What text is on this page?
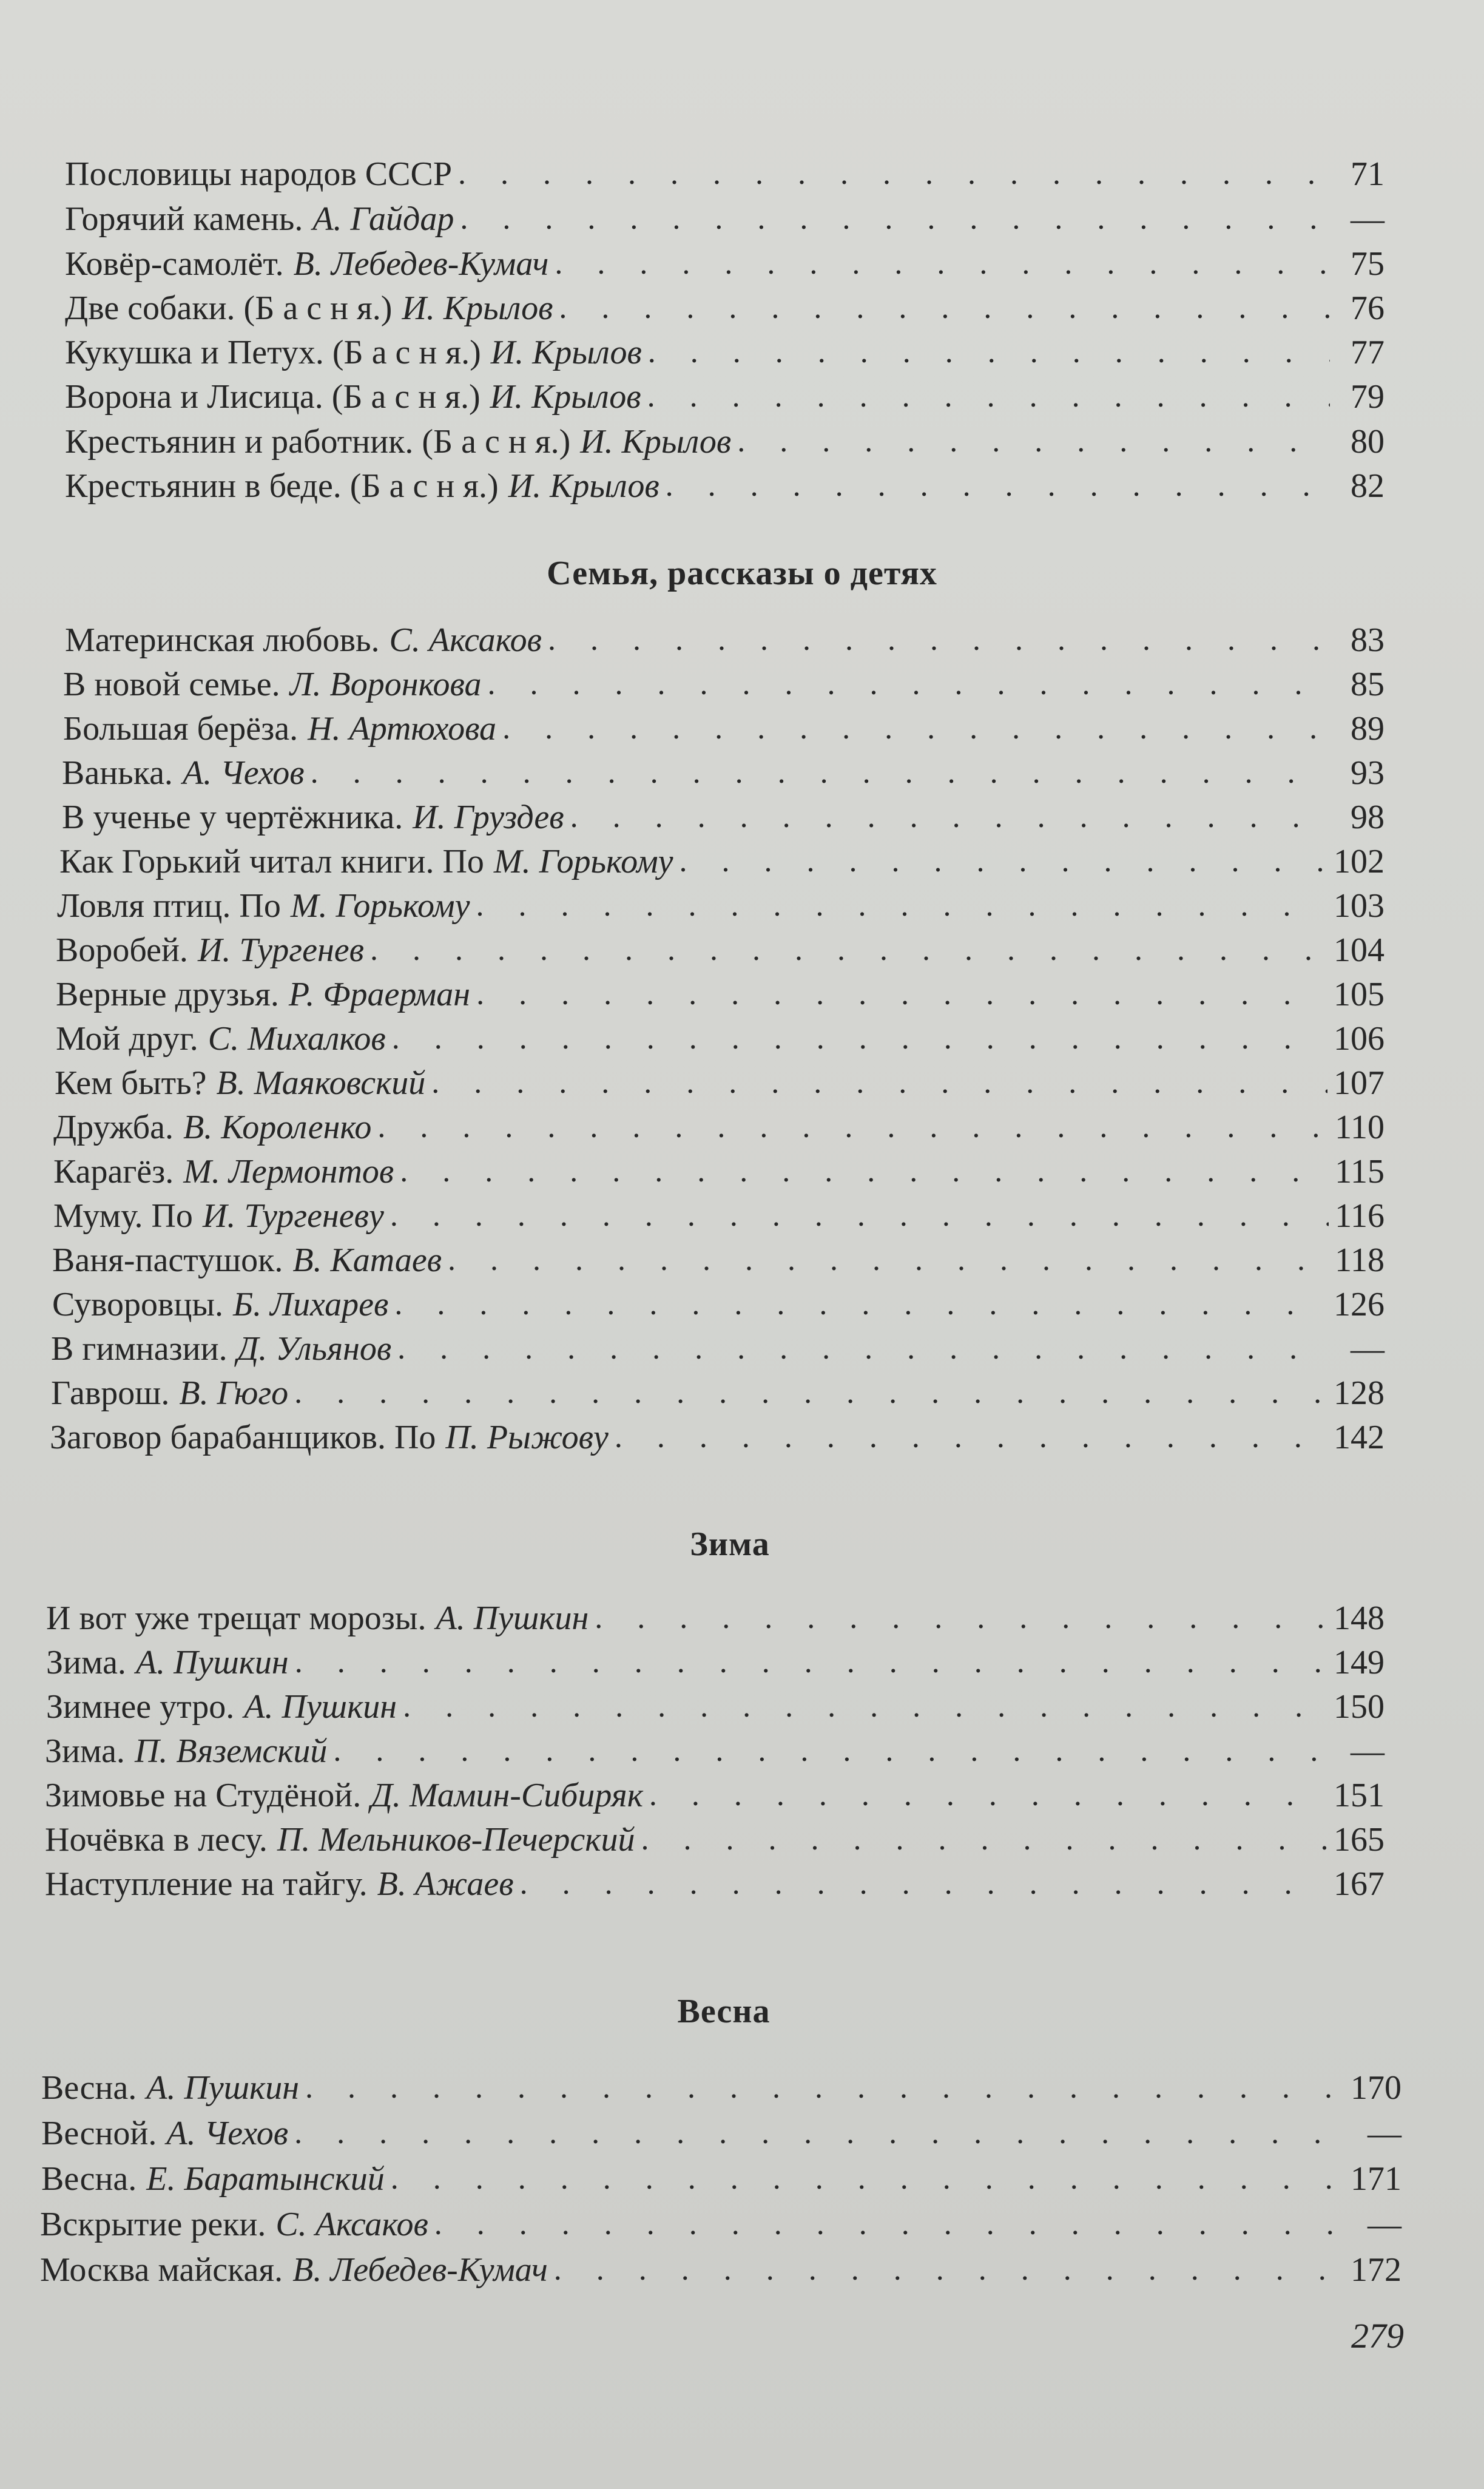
Пословицы народов СССР . . .	71
Горячий камень. А. Гайдар . . .	—
Ковёр-самолёт. В. Лебедев-Кумач . . .	75
Две собаки. (Б а с н я.) И. Крылов . . .	76
Кукушка и Петух. (Б а с н я.) И. Крылов . . .	77
Ворона и Лисица. (Б а с н я.) И. Крылов . . .	79
Крестьянин и работник. (Б а с н я.) И. Крылов . . .	80
Крестьянин в беде. (Б а с н я.) И. Крылов . . .	82
Семья, рассказы о детях
Материнская любовь. С. Аксаков . . .	83
В новой семье. Л. Воронкова . . .	85
Большая берёза. Н. Артюхова . . .	89
Ванька. А. Чехов . . .	93
В ученье у чертёжника. И. Груздев . . .	98
Как Горький читал книги. По М. Горькому . . .	102
Ловля птиц. По М. Горькому . . .	103
Воробей. И. Тургенев . . .	104
Верные друзья. Р. Фраерман . . .	105
Мой друг. С. Михалков . . .	106
Кем быть? В. Маяковский . . .	107
Дружба. В. Короленко . . .	110
Карагёз. М. Лермонтов . . .	115
Муму. По И. Тургеневу . . .	116
Ваня-пастушок. В. Катаев . . .	118
Суворовцы. Б. Лихарев . . .	126
В гимназии. Д. Ульянов . . .	—
Гаврош. В. Гюго . . .	128
Заговор барабанщиков. По П. Рыжову . . .	142
Зима
И вот уже трещат морозы. А. Пушкин . . .	148
Зима. А. Пушкин . . .	149
Зимнее утро. А. Пушкин . . .	150
Зима. П. Вяземский . . .	—
Зимовье на Студёной. Д. Мамин-Сибиряк . . .	151
Ночёвка в лесу. П. Мельников-Печерский . . .	165
Наступление на тайгу. В. Ажаев . . .	167
Весна
Весна. А. Пушкин . . .	170
Весной. А. Чехов . . .	—
Весна. Е. Баратынский . . .	171
Вскрытие реки. С. Аксаков . . .	—
Москва майская. В. Лебедев-Кумач . . .	172
279
